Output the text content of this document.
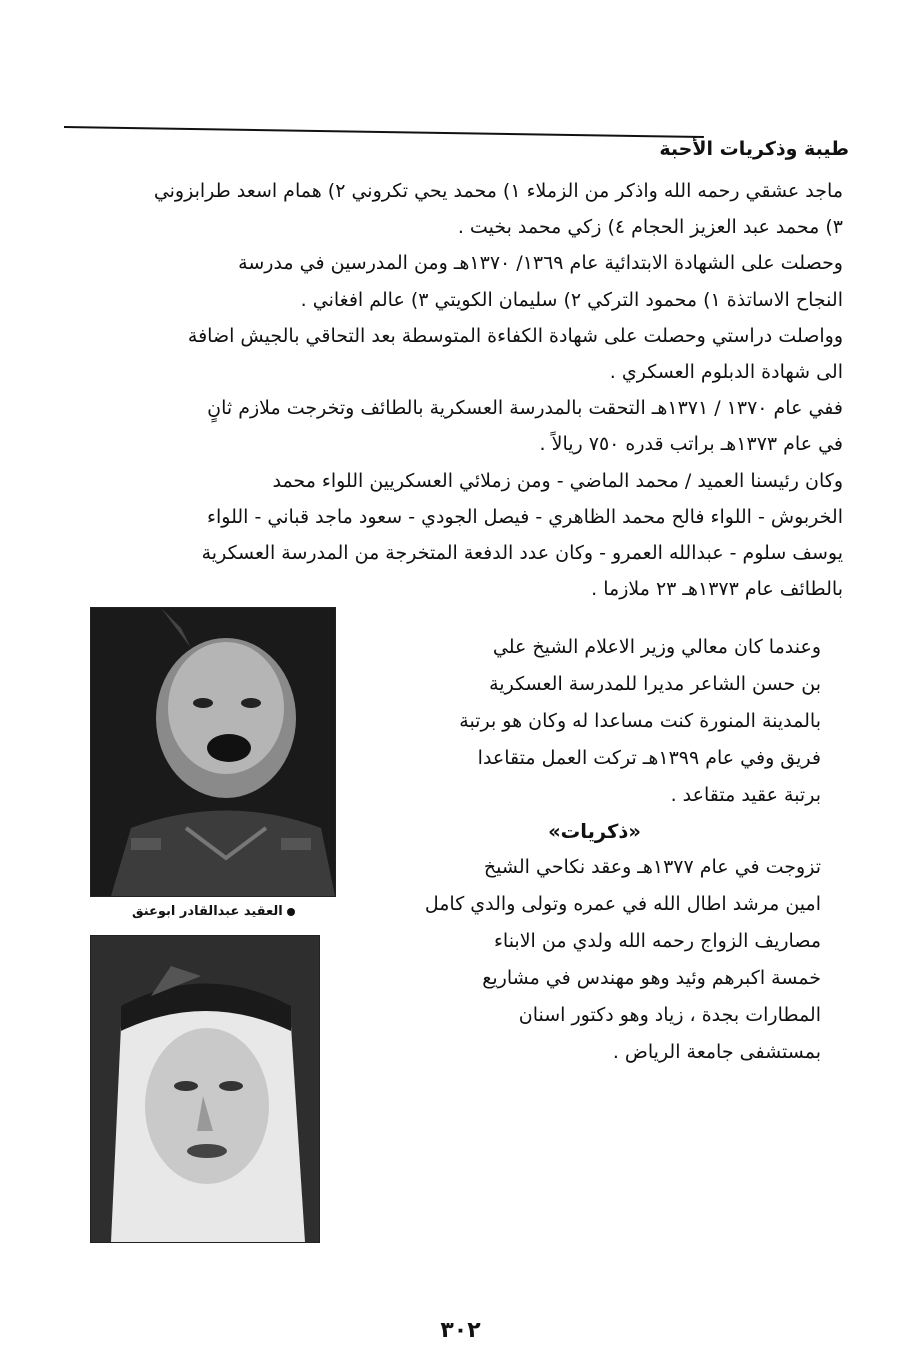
طيبة وذكريات الأحبة
ماجد عشقي رحمه الله واذكر من الزملاء ١) محمد يحي تكروني ٢) همام اسعد طرابزوني
٣) محمد عبد العزيز الحجام ٤) زكي محمد بخيت .
وحصلت على الشهادة الابتدائية عام ١٣٦٩/ ١٣٧٠هـ ومن المدرسين في مدرسة
النجاح الاساتذة ١) محمود التركي ٢) سليمان الكويتي ٣) عالم افغاني .
وواصلت دراستي وحصلت على شهادة الكفاءة المتوسطة بعد التحاقي بالجيش اضافة
الى شهادة الدبلوم العسكري .
ففي عام ١٣٧٠ / ١٣٧١هـ التحقت بالمدرسة العسكرية بالطائف وتخرجت ملازم ثانٍ
في عام ١٣٧٣هـ براتب قدره ٧٥٠ ريالاً .
وكان رئيسنا العميد / محمد الماضي - ومن زملائي العسكريين اللواء محمد
الخربوش - اللواء فالح محمد الظاهري - فيصل الجودي - سعود ماجد قباني - اللواء
يوسف سلوم - عبدالله العمرو - وكان عدد الدفعة المتخرجة من المدرسة العسكرية
بالطائف عام ١٣٧٣هـ ٢٣ ملازما .
العقيد عبدالقادر ابوعنق
وعندما كان معالي وزير الاعلام الشيخ علي
بن حسن الشاعر مديرا للمدرسة العسكرية
بالمدينة المنورة كنت مساعدا له وكان هو برتبة
فريق وفي عام ١٣٩٩هـ تركت العمل متقاعدا
برتبة عقيد متقاعد .
«ذكريات»
تزوجت في عام ١٣٧٧هـ وعقد نكاحي الشيخ
امين مرشد اطال الله في عمره وتولى والدي كامل
مصاريف الزواج رحمه الله ولدي من الابناء
خمسة اكبرهم وئيد وهو مهندس في مشاريع
المطارات بجدة ، زياد وهو دكتور اسنان
بمستشفى جامعة الرياض .
٣٠٢
